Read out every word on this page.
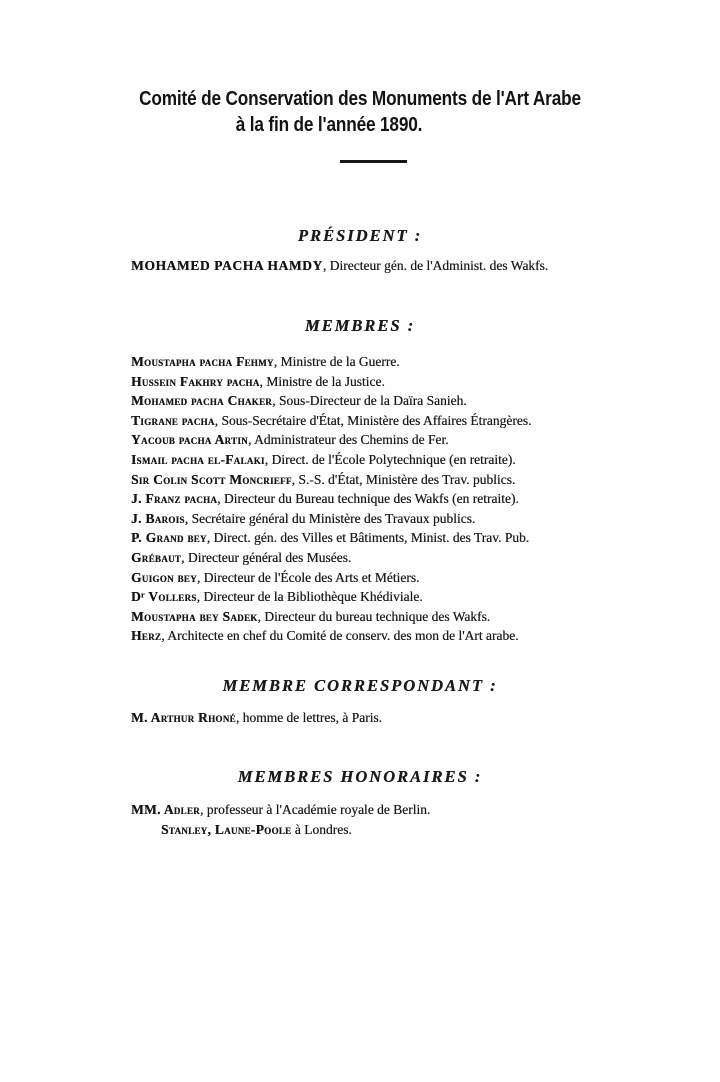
Comité de Conservation des Monuments de l'Art Arabe
à la fin de l'année 1890.
PRÉSIDENT :

MOHAMED PACHA HAMDY, Directeur gén. de l'Administ. des Wakfs.

MEMBRES :

Moustapha pacha Fehmy, Ministre de la Guerre.

Hussein Fakhry pacha, Ministre de la Justice.

Mohamed pacha Chaker, Sous-Directeur de la Daïra Sanieh.

Tigrane pacha, Sous-Secrétaire d'État, Ministère des Affaires Étrangères.

Yacoub pacha Artin, Administrateur des Chemins de Fer.

Ismail pacha el-Falaki, Direct. de l'École Polytechnique (en retraite).

Sir Colin Scott Moncrieff, S.-S. d'État, Ministère des Trav. publics.

J. Franz pacha, Directeur du Bureau technique des Wakfs (en retraite).

J. Barois, Secrétaire général du Ministère des Travaux publics.

P. Grand bey, Direct. gén. des Villes et Bâtiments, Minist. des Trav. Pub.

Grébaut, Directeur général des Musées.

Guigon bey, Directeur de l'École des Arts et Métiers.

Dʳ Vollers, Directeur de la Bibliothèque Khédiviale.

Moustapha bey Sadek, Directeur du bureau technique des Wakfs.

Herz, Architecte en chef du Comité de conserv. des mon de l'Art arabe.

MEMBRE CORRESPONDANT :

M. Arthur Rhoné, homme de lettres, à Paris.

MEMBRES HONORAIRES :

MM. Adler, professeur à l'Académie royale de Berlin.

Stanley, Laune-Poole à Londres.
